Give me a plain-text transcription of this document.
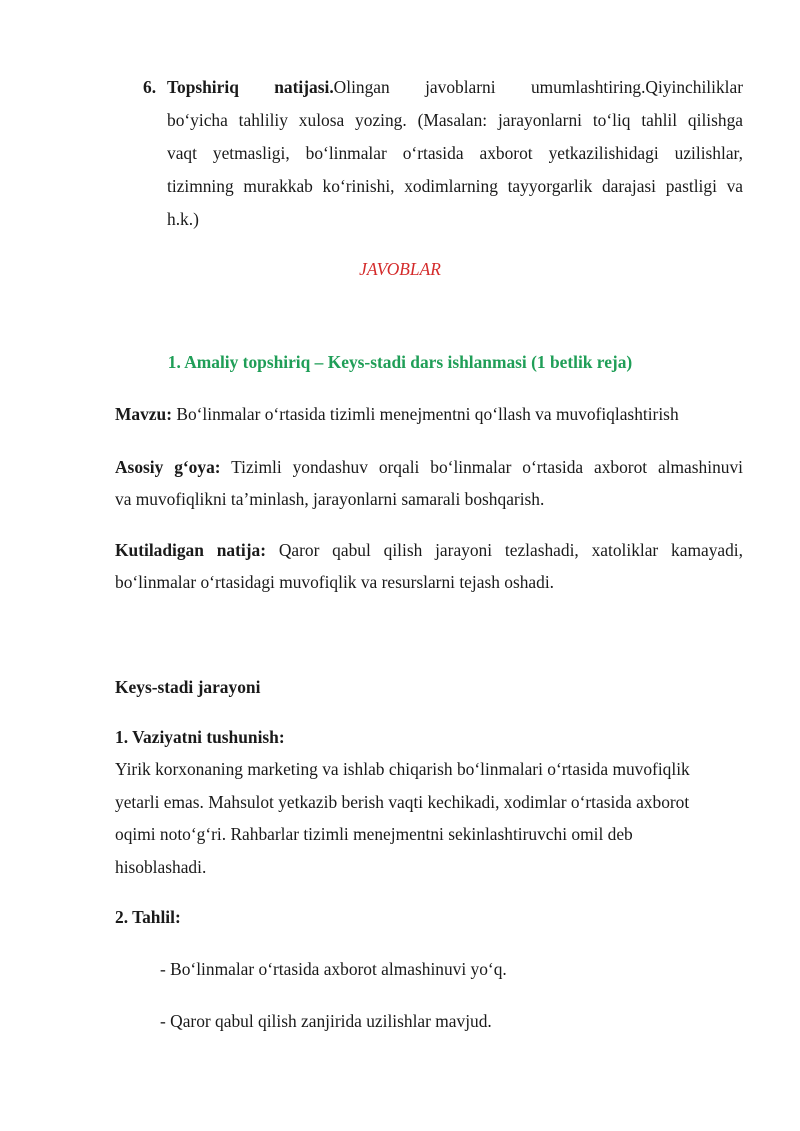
6. Topshiriq natijasi.Olingan javoblarni umumlashtiring.Qiyinchiliklar
bo‘yicha tahliliy xulosa yozing. (Masalan: jarayonlarni to‘liq tahlil qilishga
vaqt yetmasligi, bo‘linmalar o‘rtasida axborot yetkazilishidagi uzilishlar,
tizimning murakkab ko‘rinishi, xodimlarning tayyorgarlik darajasi pastligi va
h.k.)
JAVOBLAR
1. Amaliy topshiriq – Keys-stadi dars ishlanmasi (1 betlik reja)
Mavzu: Bo‘linmalar o‘rtasida tizimli menejmentni qo‘llash va muvofiqlashtirish
Asosiy g‘oya: Tizimli yondashuv orqali bo‘linmalar o‘rtasida axborot almashinuvi
va muvofiqlikni ta’minlash, jarayonlarni samarali boshqarish.
Kutiladigan natija: Qaror qabul qilish jarayoni tezlashadi, xatoliklar kamayadi,
bo‘linmalar o‘rtasidagi muvofiqlik va resurslarni tejash oshadi.
Keys-stadi jarayoni
1. Vaziyatni tushunish:
Yirik korxonaning marketing va ishlab chiqarish bo‘linmalari o‘rtasida muvofiqlik
yetarli emas. Mahsulot yetkazib berish vaqti kechikadi, xodimlar o‘rtasida axborot
oqimi noto‘g‘ri. Rahbarlar tizimli menejmentni sekinlashtiruvchi omil deb
hisoblashadi.
2. Tahlil:
- Bo‘linmalar o‘rtasida axborot almashinuvi yo‘q.
- Qaror qabul qilish zanjirida uzilishlar mavjud.
